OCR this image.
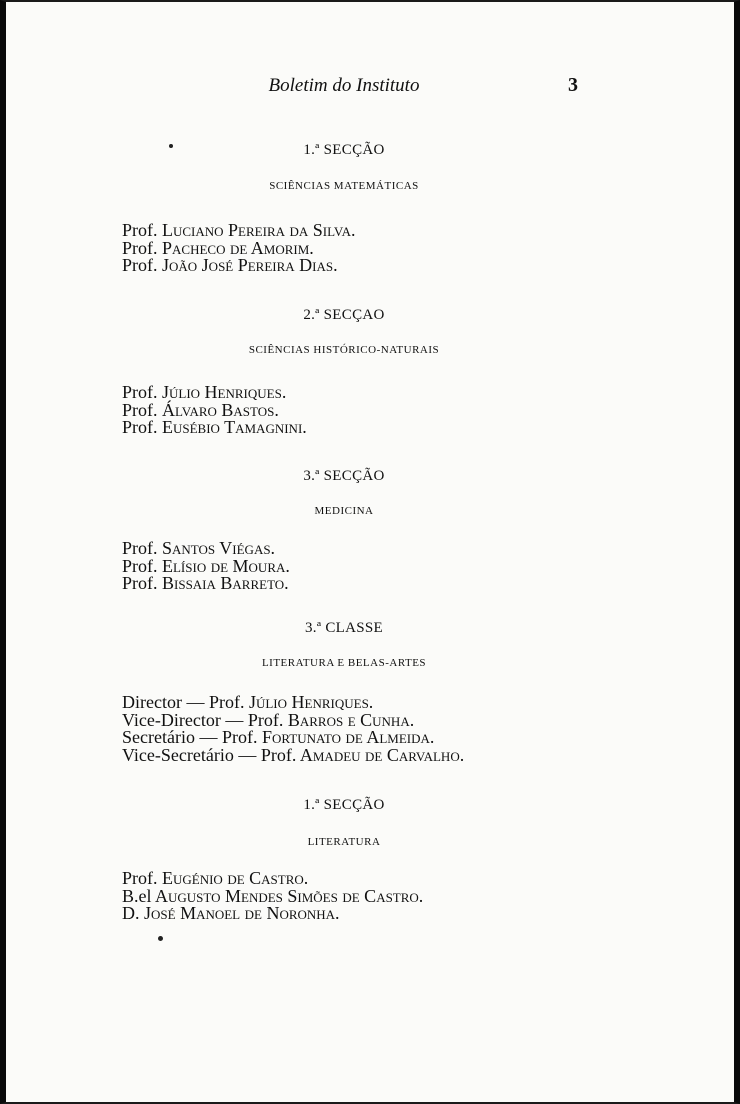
Boletim do Instituto	3
1.ª SECÇÃO
SCIÊNCIAS MATEMÁTICAS
Prof. Luciano Pereira da Silva.
Prof. Pacheco de Amorim.
Prof. João José Pereira Dias.
2.ª SECÇAO
SCIÊNCIAS HISTÓRICO-NATURAIS
Prof. Júlio Henriques.
Prof. Álvaro Bastos.
Prof. Eusébio Tamagnini.
3.ª SECÇÃO
MEDICINA
Prof. Santos Viégas.
Prof. Elísio de Moura.
Prof. Bissaia Barreto.
3.ª CLASSE
LITERATURA E BELAS-ARTES
Director — Prof. Júlio Henriques.
Vice-Director — Prof. Barros e Cunha.
Secretário — Prof. Fortunato de Almeida.
Vice-Secretário — Prof. Amadeu de Carvalho.
1.ª SECÇÃO
LITERATURA
Prof. Eugénio de Castro.
B.el Augusto Mendes Simões de Castro.
D. José Manoel de Noronha.
